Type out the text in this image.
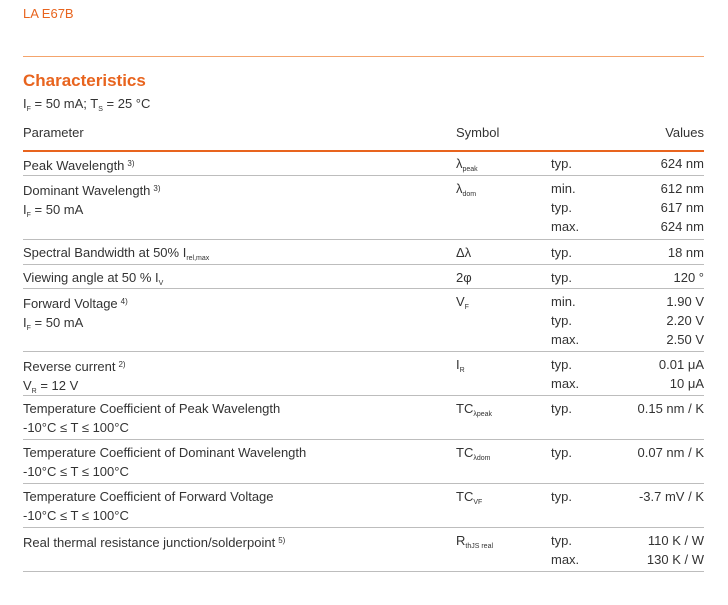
LA E67B
Characteristics
$I_F = 50$ mA; $T_S = 25$ °C
Parameter	Symbol	Values
Peak Wavelength $^{3)}$	$\lambda_{peak}$	typ.	624 nm
Dominant Wavelength $^{3)}$
$I_F = 50$ mA
$\lambda_{dom}$	min.	612 nm
typ.	617 nm
max.	624 nm
Spectral Bandwidth at 50% $I_{rel,max}$	Δλ	typ.	18 nm
Viewing angle at 50 % $I_V$	2φ	typ.	120 °
Forward Voltage $^{4)}$
$I_F = 50$ mA
$V_F$	min.	1.90 V
typ.	2.20 V
max.	2.50 V
Reverse current $^{2)}$
$V_R = 12$ V
$I_R$	typ.	0.01 μA
max.	10 μA
Temperature Coefficient of Peak Wavelength
-10°C ≤ T ≤ 100°C
$TC_{\lambda peak}$	typ.	0.15 nm / K
Temperature Coefficient of Dominant Wavelength
-10°C ≤ T ≤ 100°C
$TC_{\lambda dom}$	typ.	0.07 nm / K
Temperature Coefficient of Forward Voltage
-10°C ≤ T ≤ 100°C
$TC_{VF}$	typ.	-3.7 mV / K
Real thermal resistance junction/solderpoint $^{5)}$	$R_{thJS real}$	typ.	110 K / W
max.	130 K / W
